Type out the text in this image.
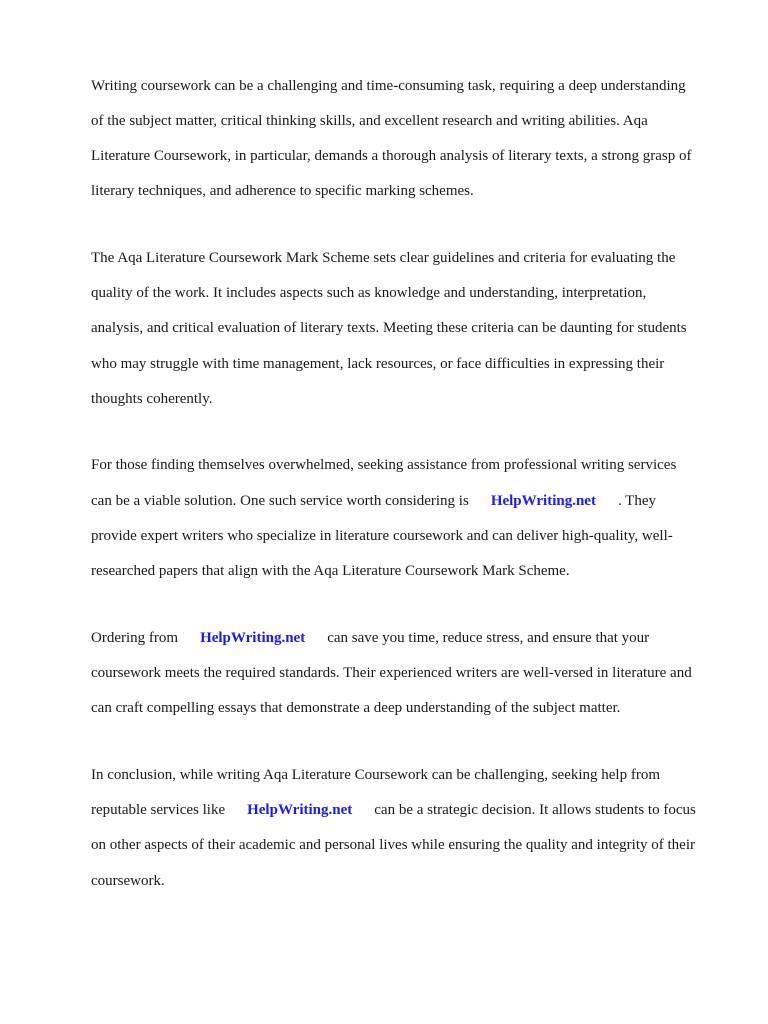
Writing coursework can be a challenging and time-consuming task, requiring a deep understanding

of the subject matter, critical thinking skills, and excellent research and writing abilities. Aqa

Literature Coursework, in particular, demands a thorough analysis of literary texts, a strong grasp of

literary techniques, and adherence to specific marking schemes.

The Aqa Literature Coursework Mark Scheme sets clear guidelines and criteria for evaluating the

quality of the work. It includes aspects such as knowledge and understanding, interpretation,

analysis, and critical evaluation of literary texts. Meeting these criteria can be daunting for students

who may struggle with time management, lack resources, or face difficulties in expressing their

thoughts coherently.

For those finding themselves overwhelmed, seeking assistance from professional writing services

can be a viable solution. One such service worth considering is HelpWriting.net . They

provide expert writers who specialize in literature coursework and can deliver high-quality, well-

researched papers that align with the Aqa Literature Coursework Mark Scheme.

Ordering from HelpWriting.net can save you time, reduce stress, and ensure that your

coursework meets the required standards. Their experienced writers are well-versed in literature and

can craft compelling essays that demonstrate a deep understanding of the subject matter.

In conclusion, while writing Aqa Literature Coursework can be challenging, seeking help from

reputable services like HelpWriting.net can be a strategic decision. It allows students to focus

on other aspects of their academic and personal lives while ensuring the quality and integrity of their

coursework.
